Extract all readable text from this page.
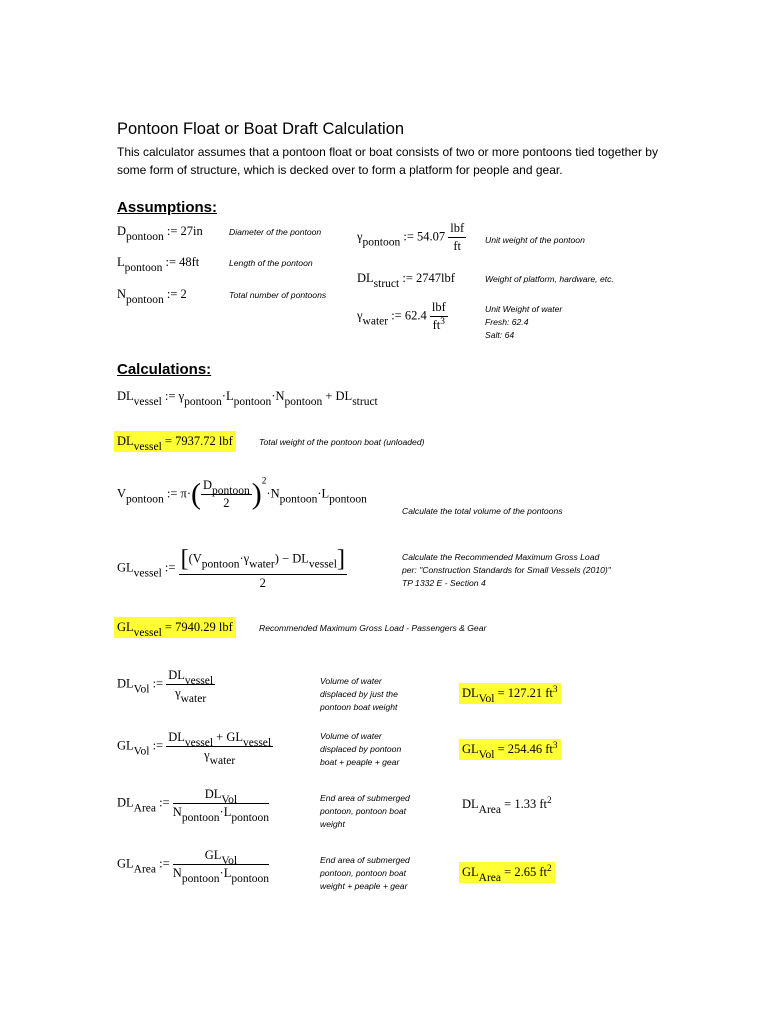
Pontoon Float or Boat Draft Calculation
This calculator assumes that a pontoon float or boat consists of two or more pontoons tied together by some form of structure, which is decked over to form a platform for people and gear.
Assumptions:
$D_{pontoon}$ := 27in	Diameter of the pontoon
$L_{pontoon}$ := 48ft	Length of the pontoon
$N_{pontoon}$ := 2	Total number of pontoons
$\gamma_{pontoon}$ := $54.07 \frac{\text{lbf}}{ft}$ Unit weight of the pontoon
$DL_{struct}$ := 2747lbf	Weight of platform, hardware, etc.
$\gamma_{water}$ := $62.4 \frac{\text{lbf}}{ft^3}$	Unit Weight of water
Fresh: 62.4
Salt: 64
Calculations:
$DL_{vessel}$ := $\gamma_{pontoon}\cdot L_{pontoon}\cdot N_{pontoon} + DL_{struct}$
$DL_{vessel} = 7937.72$ lbf	Total weight of the pontoon boat (unloaded)
$V_{pontoon}$ := $\pi\cdot( \frac{D_{pontoon}}{2} )^2\cdot N_{pontoon}\cdot L_{pontoon}$
Calculate the total volume of the pontoons
$GL_{vessel}$ := $\frac{[(V_{pontoon}\cdot\gamma_{water}) - DL_{vessel}]}{2}$	Calculate the Recommended Maximum Gross Load
per: "Construction Standards for Small Vessels (2010)"
TP 1332 E - Section 4
$GL_{vessel} = 7940.29$ lbf	Recommended Maximum Gross Load - Passengers & Gear
$DL_{Vol}$ := $\frac{DL_{vessel}}{\gamma_{water}}$	Volume of water
displaced by just the
pontoon boat weight
$DL_{Vol} = 127.21$ $ft^3$
$GL_{Vol}$ := $\frac{DL_{vessel} + GL_{vessel}}{\gamma_{water}}$	Volume of water
displaced by pontoon
boat + peaple + gear
$GL_{Vol} = 254.46$ $ft^3$
$DL_{Area}$ := $\frac{DL_{Vol}}{N_{pontoon}\cdot L_{pontoon}}$	End area of submerged
pontoon, pontoon boat
weight
$DL_{Area} = 1.33$ $ft^2$
$GL_{Area}$ := $\frac{GL_{Vol}}{N_{pontoon}\cdot L_{pontoon}}$	End area of submerged
pontoon, pontoon boat
weight + peaple + gear
$GL_{Area} = 2.65$ $ft^2$
